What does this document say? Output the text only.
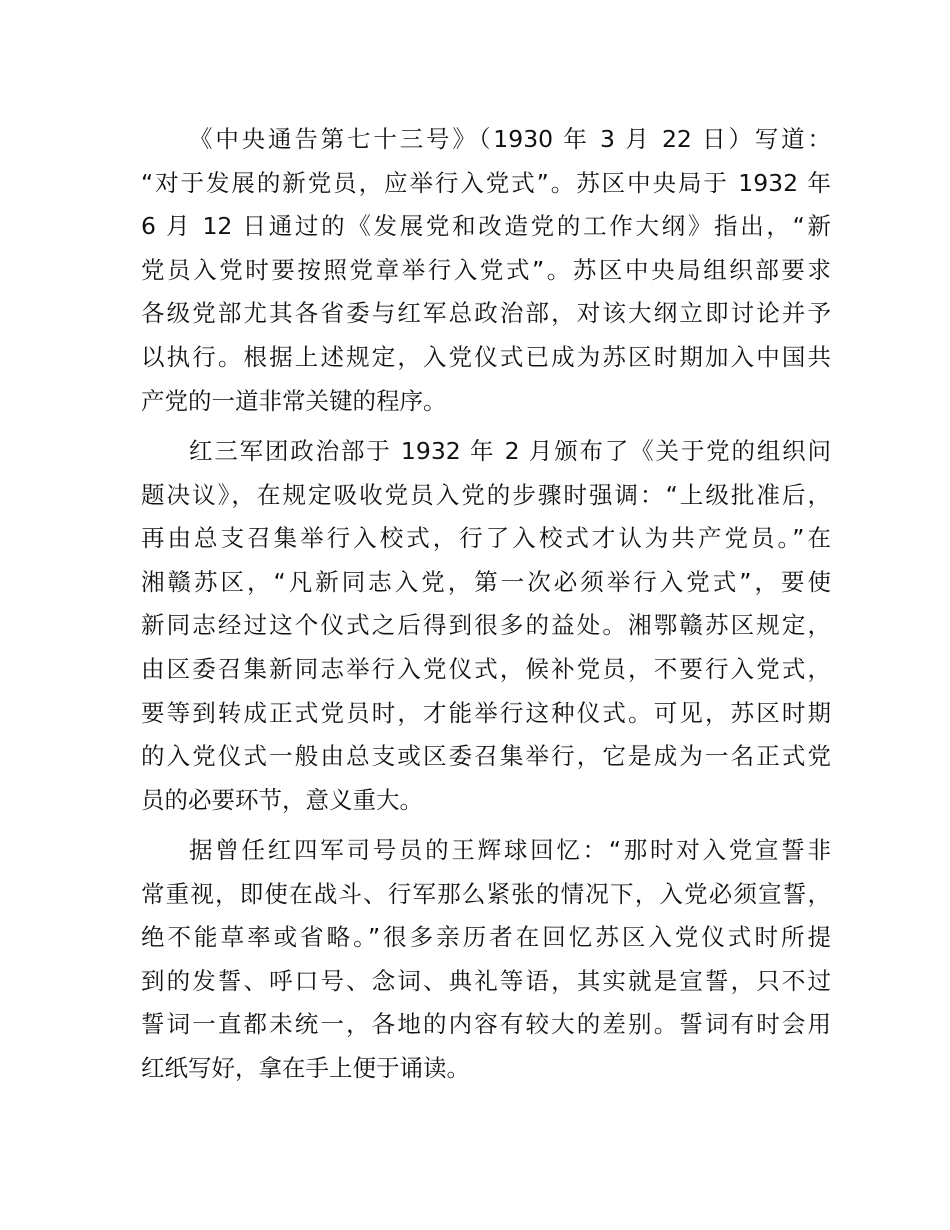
《中央通告第七十三号》（1930 年 3 月 22 日）写道：
“对于发展的新党员，应举行入党式”。苏区中央局于 1932 年
6 月 12 日通过的《发展党和改造党的工作大纲》指出，“新
党员入党时要按照党章举行入党式”。苏区中央局组织部要求
各级党部尤其各省委与红军总政治部，对该大纲立即讨论并予
以执行。根据上述规定，入党仪式已成为苏区时期加入中国共
产党的一道非常关键的程序。
红三军团政治部于 1932 年 2 月颁布了《关于党的组织问
题决议》，在规定吸收党员入党的步骤时强调：“上级批准后，
再由总支召集举行入校式，行了入校式才认为共产党员。”在
湘赣苏区，“凡新同志入党，第一次必须举行入党式”，要使
新同志经过这个仪式之后得到很多的益处。湘鄂赣苏区规定，
由区委召集新同志举行入党仪式，候补党员，不要行入党式，
要等到转成正式党员时，才能举行这种仪式。可见，苏区时期
的入党仪式一般由总支或区委召集举行，它是成为一名正式党
员的必要环节，意义重大。
据曾任红四军司号员的王辉球回忆：“那时对入党宣誓非
常重视，即使在战斗、行军那么紧张的情况下，入党必须宣誓，
绝不能草率或省略。”很多亲历者在回忆苏区入党仪式时所提
到的发誓、呼口号、念词、典礼等语，其实就是宣誓，只不过
誓词一直都未统一，各地的内容有较大的差别。誓词有时会用
红纸写好，拿在手上便于诵读。
